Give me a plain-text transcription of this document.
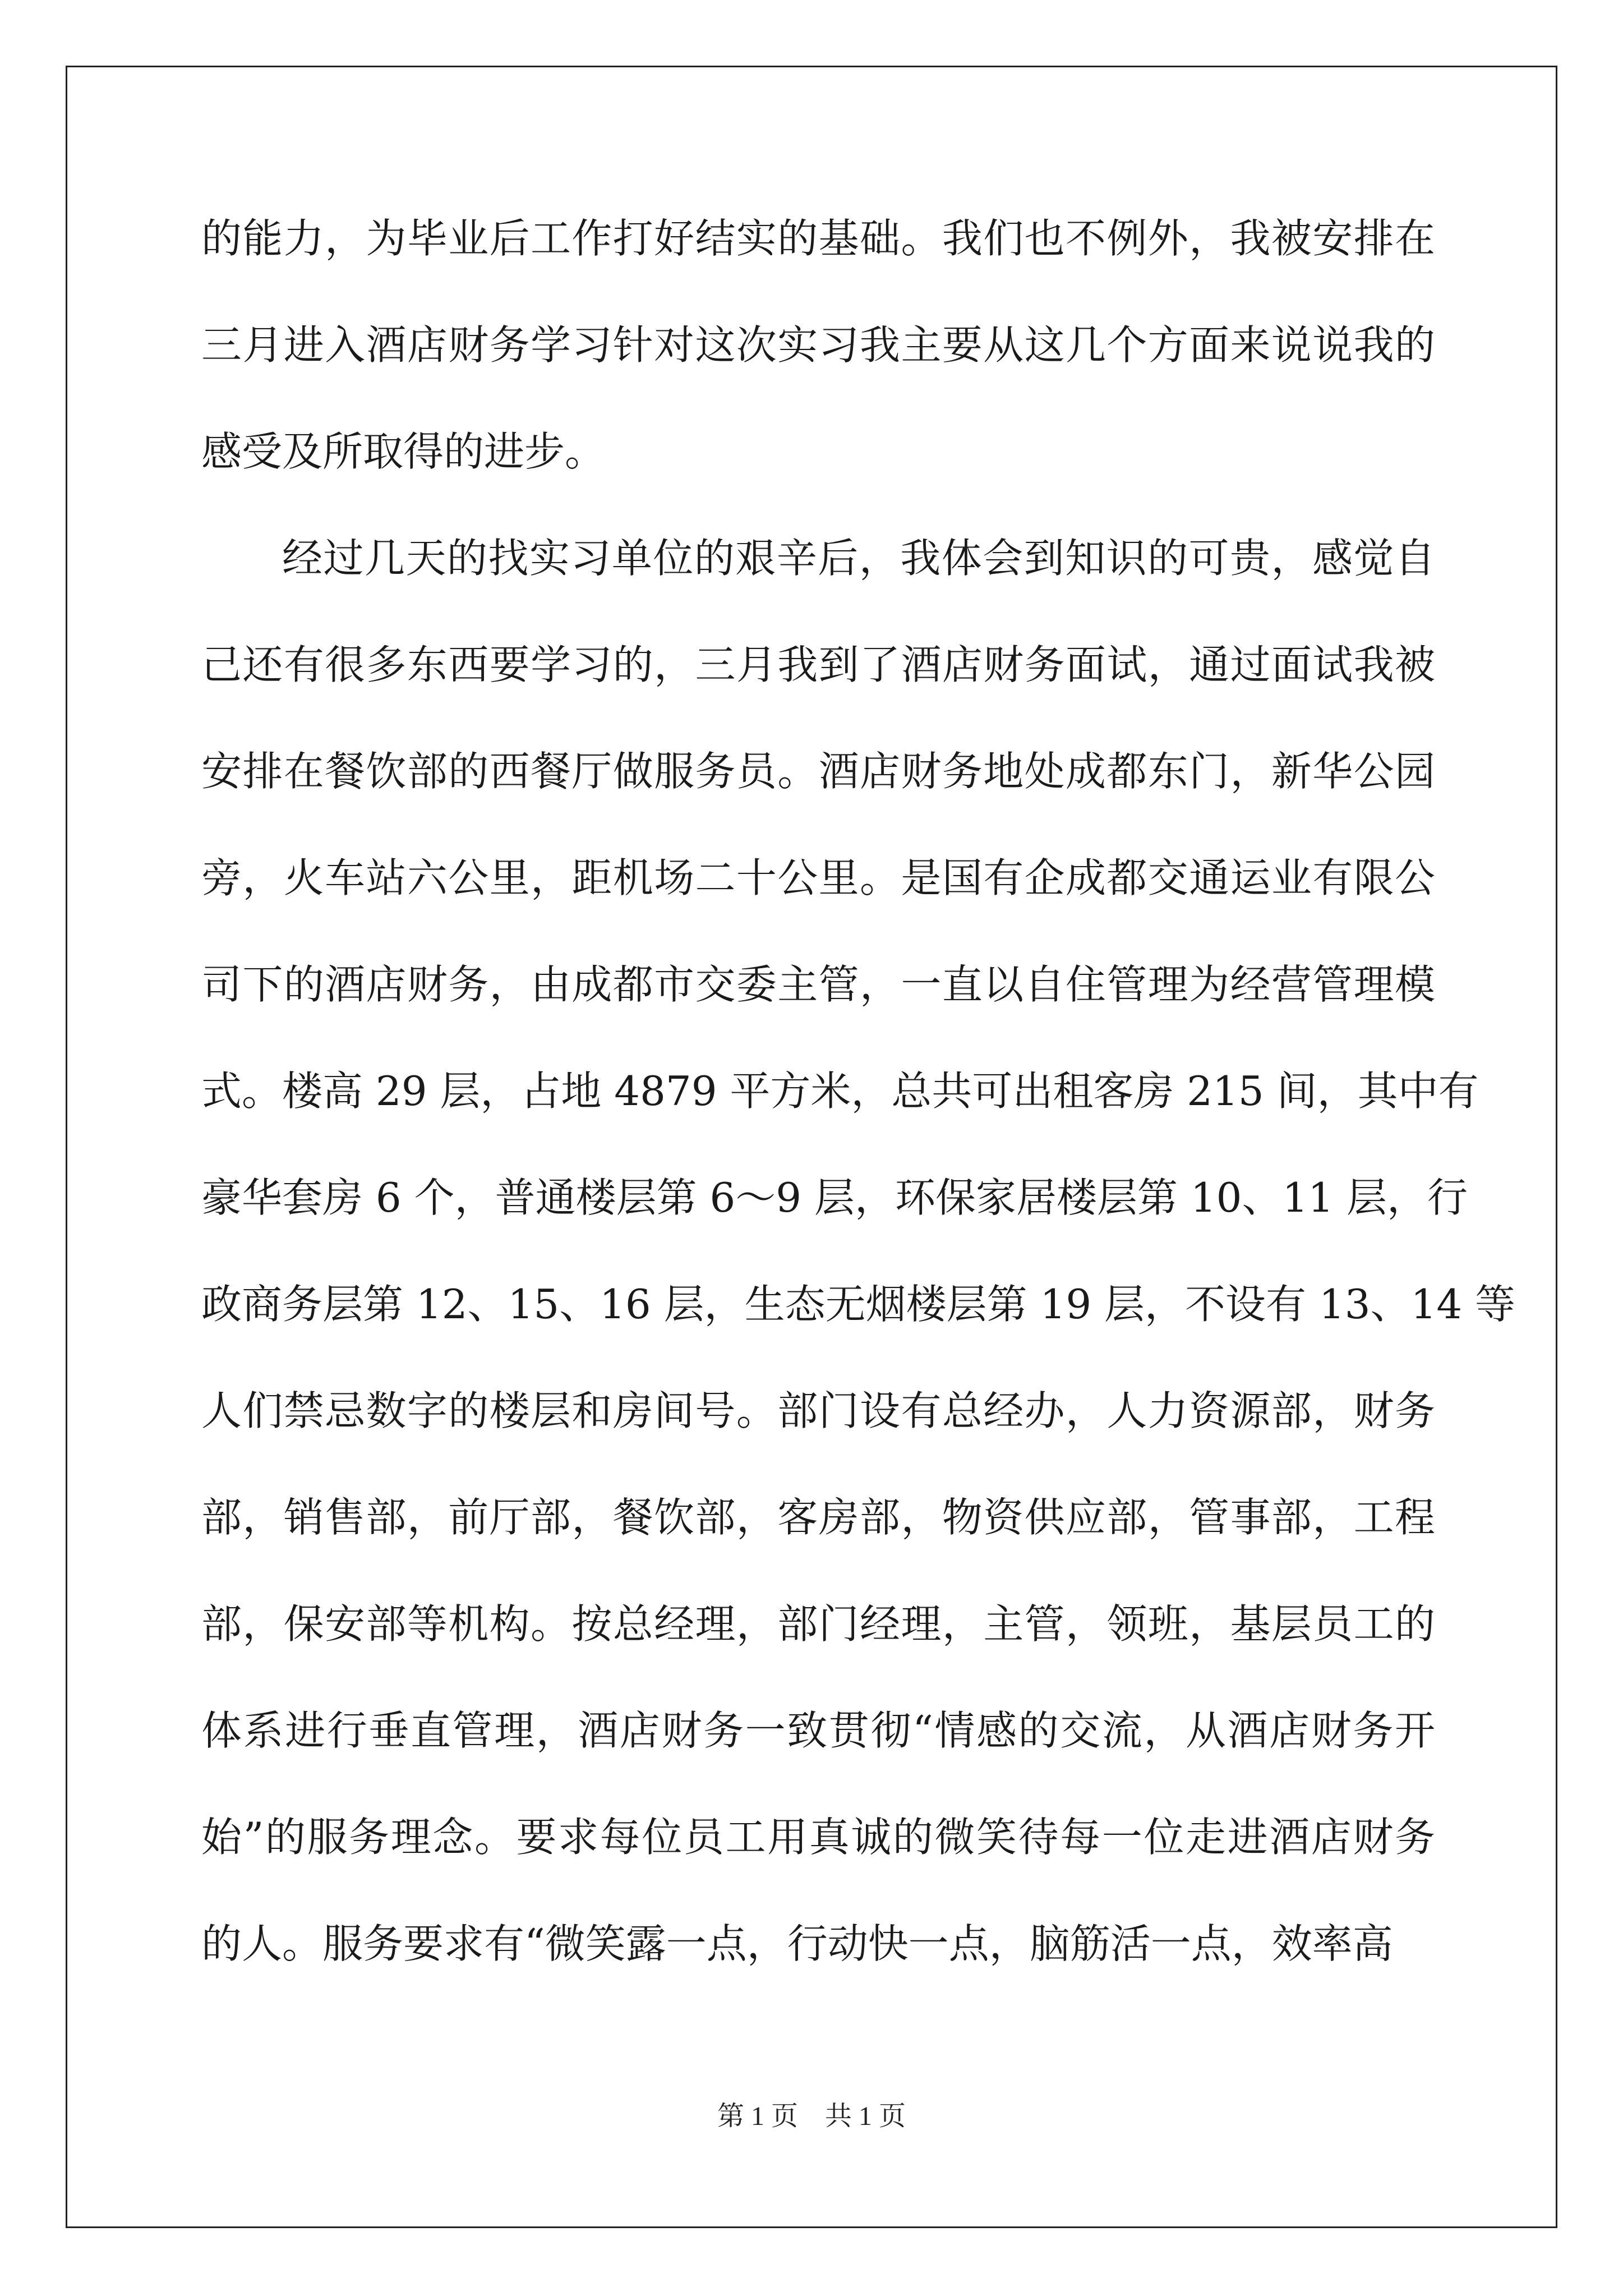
的能力，为毕业后工作打好结实的基础。我们也不例外，我被安排在
三月进入酒店财务学习针对这次实习我主要从这几个方面来说说我的
感受及所取得的进步。
经过几天的找实习单位的艰辛后，我体会到知识的可贵，感觉自
己还有很多东西要学习的，三月我到了酒店财务面试，通过面试我被
安排在餐饮部的西餐厅做服务员。酒店财务地处成都东门，新华公园
旁，火车站六公里，距机场二十公里。是国有企成都交通运业有限公
司下的酒店财务，由成都市交委主管，一直以自住管理为经营管理模
式。楼高 29 层，占地 4879 平方米，总共可出租客房 215 间，其中有
豪华套房 6 个，普通楼层第 6～9 层，环保家居楼层第 10、11 层，行
政商务层第 12、15、16 层，生态无烟楼层第 19 层，不设有 13、14 等
人们禁忌数字的楼层和房间号。部门设有总经办，人力资源部，财务
部，销售部，前厅部，餐饮部，客房部，物资供应部，管事部，工程
部，保安部等机构。按总经理，部门经理，主管，领班，基层员工的
体系进行垂直管理，酒店财务一致贯彻“情感的交流，从酒店财务开
始”的服务理念。要求每位员工用真诚的微笑待每一位走进酒店财务
的人。服务要求有“微笑露一点，行动快一点，脑筋活一点，效率高
第 1 页 共 1 页
